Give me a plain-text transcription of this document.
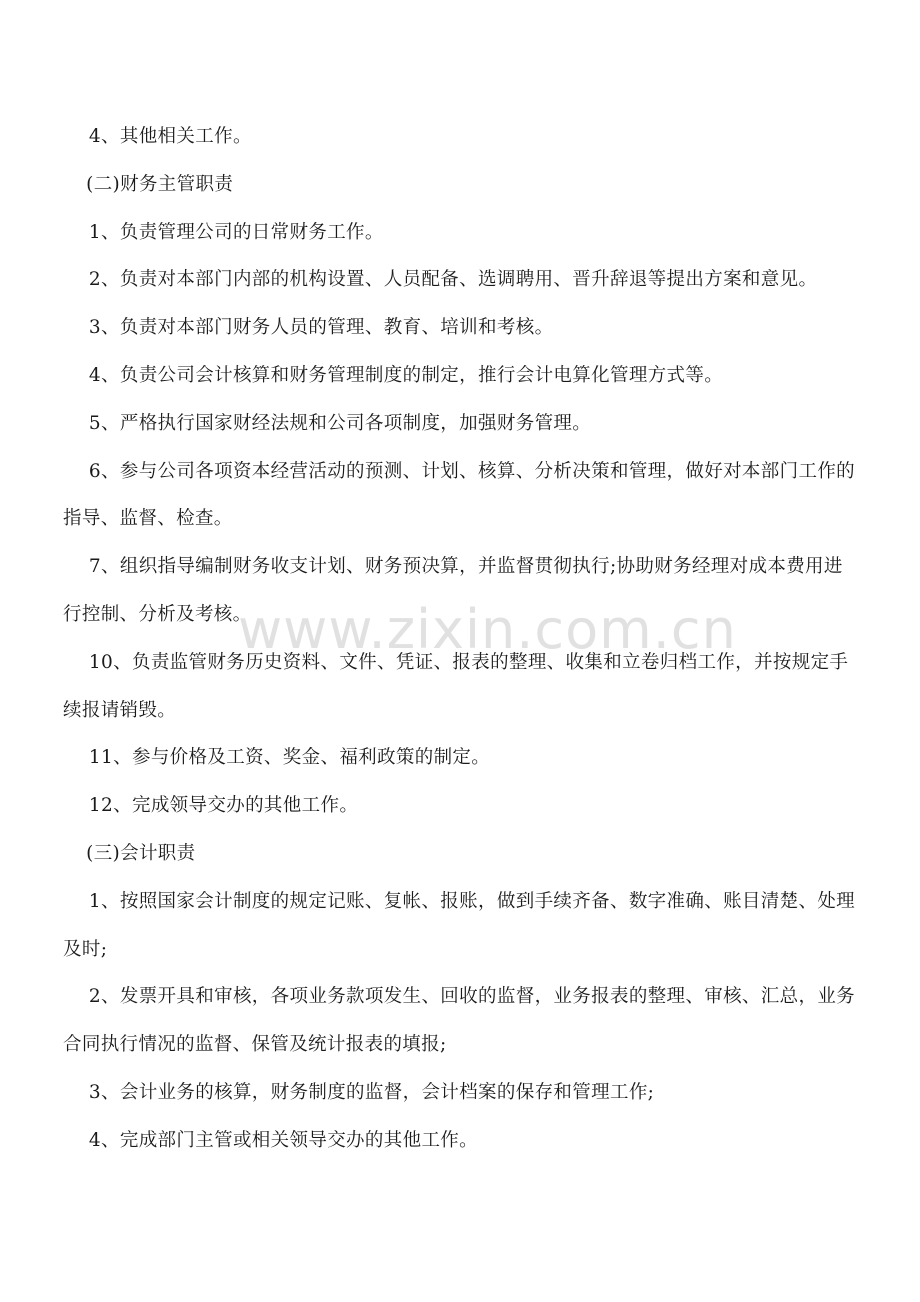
4、其他相关工作。

(二)财务主管职责

1、负责管理公司的日常财务工作。

2、负责对本部门内部的机构设置、人员配备、选调聘用、晋升辞退等提出方案和意见。

3、负责对本部门财务人员的管理、教育、培训和考核。

4、负责公司会计核算和财务管理制度的制定，推行会计电算化管理方式等。

5、严格执行国家财经法规和公司各项制度，加强财务管理。

6、参与公司各项资本经营活动的预测、计划、核算、分析决策和管理，做好对本部门工作的指导、监督、检查。

7、组织指导编制财务收支计划、财务预决算，并监督贯彻执行;协助财务经理对成本费用进行控制、分析及考核。

10、负责监管财务历史资料、文件、凭证、报表的整理、收集和立卷归档工作，并按规定手续报请销毁。

11、参与价格及工资、奖金、福利政策的制定。

12、完成领导交办的其他工作。

(三)会计职责

1、按照国家会计制度的规定记账、复帐、报账，做到手续齐备、数字准确、账目清楚、处理及时;

2、发票开具和审核，各项业务款项发生、回收的监督，业务报表的整理、审核、汇总，业务合同执行情况的监督、保管及统计报表的填报;

3、会计业务的核算，财务制度的监督，会计档案的保存和管理工作;

4、完成部门主管或相关领导交办的其他工作。

www.zixin.com.cn
